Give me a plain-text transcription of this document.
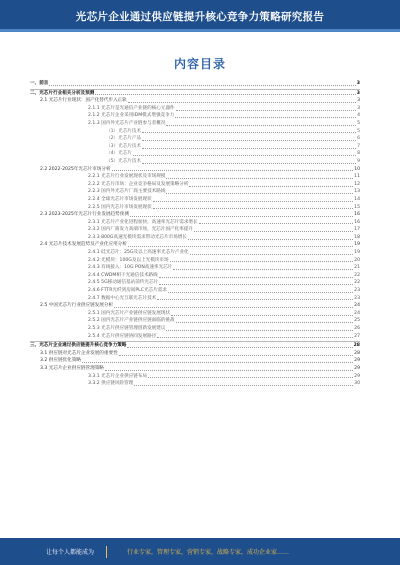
光芯片企业通过供应链提升核心竞争力策略研究报告
内容目录
一、前言	3
二、光芯片行业相关分析及预测	3
2.1 光芯片行业现状：国产化替代步入正轨	3
2.1.1 光芯片是光通信产业链的核心元器件	3
2.1.2 光芯片企业采用IDM模式增强竞争力	4
2.1.3 国内外光芯片产业链参与者概况	5
（1）光芯片技术	5
（2）光芯片产品	6
（3）光芯片技术	7
（4）光芯片	8
（5）光芯片技术	9
2.2 2022-2025年光芯片市场分析	10
2.2.1 光芯片行业发展现状及市场规模	11
2.2.2 光芯片市场：企业竞争格局及发展策略分析	12
2.2.3 国内外光芯片厂商主要技术路线	13
2.2.4 全球光芯片市场发展现状	14
2.2.5 国内光芯片市场发展现状	15
2.3 2023-2025年光芯片行业发展趋势预测	16
2.3.1 光芯片产业化进程加快，高速率光芯片需求增长	16
2.3.2 国内厂商发力高端市场，光芯片国产化率提升	17
2.3.3 800G高速光模块需求带动光芯片市场增长	18
2.4 光芯片技术发展趋势及产业化应用分析	19
2.4.1 硅光芯片：25G及以上高速率光芯片产业化	19
2.4.2 光模块：100G及以上光模块市场	20
2.4.3 有线接入：10G PON高速率光芯片	21
2.4.4 CWDM相干光通信技术路线	22
2.4.5 5G移动通信基站前传光芯片	22
2.4.6 FTTR光纤到房间PLC光芯片需求	23
2.4.7 数据中心光互联光芯片技术	23
2.5 中国光芯片行业供应链发展分析	24
2.5.1 国内光芯片产业链供应链发展现状	24
2.5.2 国内光芯片产业链供应链面临的挑战	25
2.5.3 光芯片供应链管理创新发展建议	26
2.5.4 光芯片供应链协同发展路径	27
三、光芯片企业通过供应链提升核心竞争力策略	28
3.1 供应链对光芯片企业发展的重要性	28
3.2 供应链优化策略	29
3.3 光芯片企业供应链管理策略	29
3.3.1 光芯片企业供应链布局	29
3.3.2 供应链风险管理	30
让每个人都能成为	行业专家，管理专家，营销专家，战略专家，成功企业家……
